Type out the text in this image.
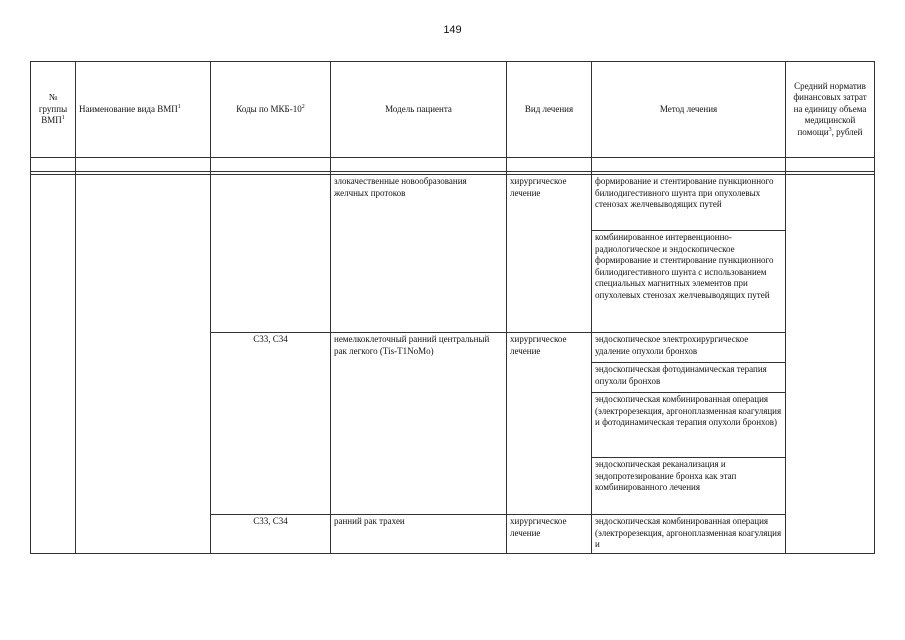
149
№ группы ВМП$^1$	Наименование вида ВМП$^1$	Коды по МКБ-$10^2$	Модель пациента	Вид лечения	Метод лечения	Средний норматив финансовых затрат на единицу объема медицинской помощи$^3$, рублей

			злокачественные новообразования желчных протоков	хирургическое лечение	формирование и стентирование пункционного билиодигестивного шунта при опухолевых стенозах желчевыводящих путей	
					комбинированное интервенционно-радиологическое и эндоскопическое формирование и стентирование пункционного билиодигестивного шунта с использованием специальных магнитных элементов при опухолевых стенозах желчевыводящих путей	
		C33, C34	немелкоклеточный ранний центральный рак легкого (Tis-T1NoMo)	хирургическое лечение	эндоскопическое электрохирургическое удаление опухоли бронхов	
					эндоскопическая фотодинамическая терапия опухоли бронхов	
					эндоскопическая комбинированная операция (электрорезекция, аргоноплазменная коагуляция и фотодинамическая терапия опухоли бронхов)	
					эндоскопическая реканализация и эндопротезирование бронха как этап комбинированного лечения	
		C33, C34	ранний рак трахеи	хирургическое лечение	эндоскопическая комбинированная операция (электрорезекция, аргоноплазменная коагуляция и	
